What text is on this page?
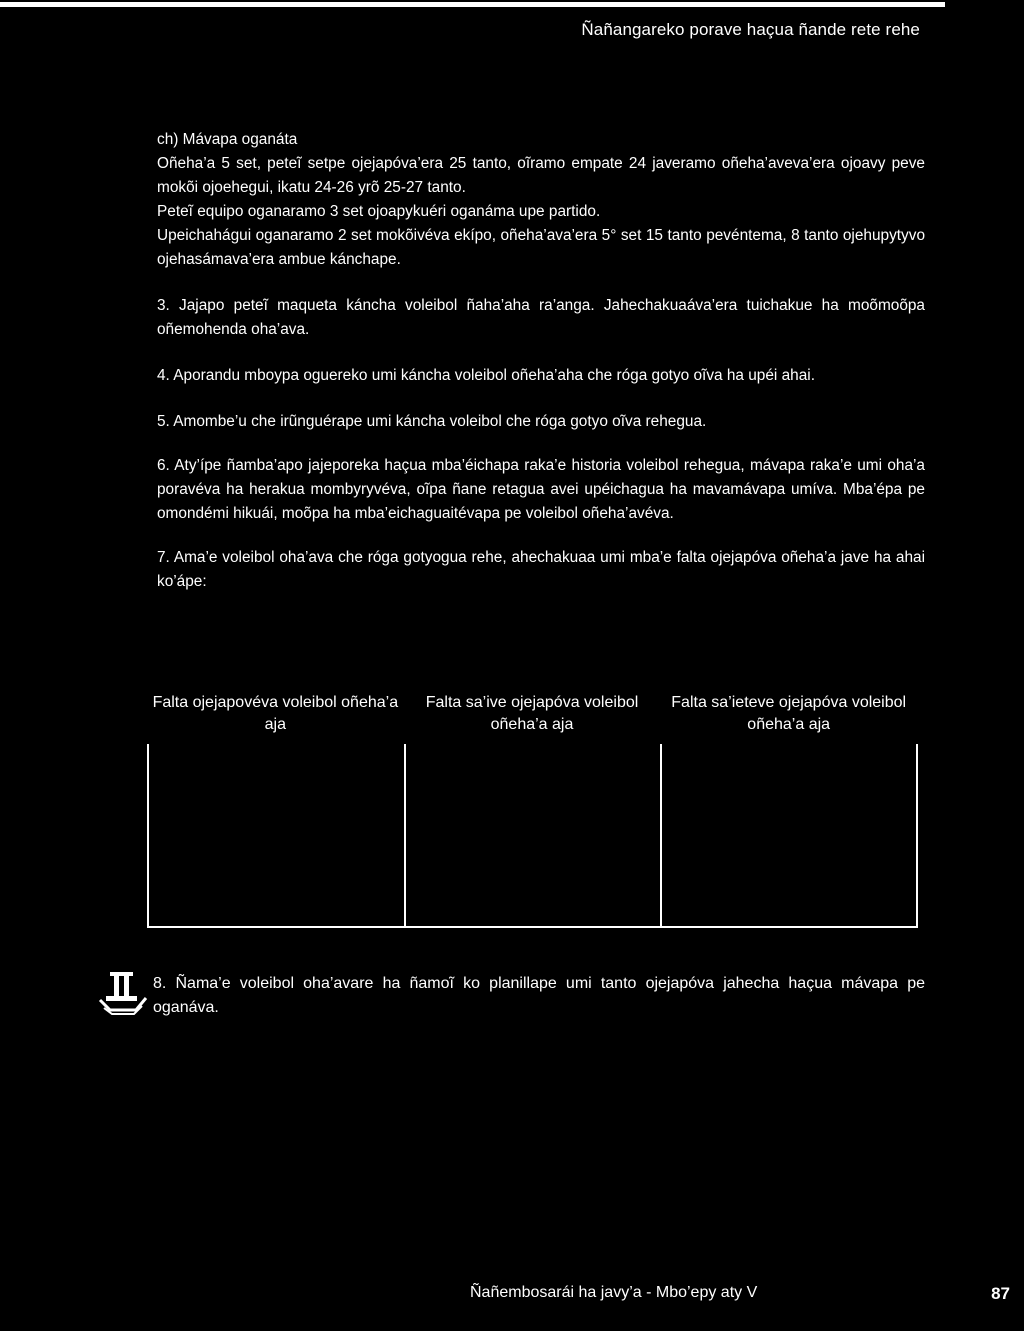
Ñañangareko porave haçua ñande rete rehe

ch) Mávapa oganáta

Oñeha’a 5 set, peteĩ setpe ojejapóva’era 25 tanto, oĩramo empate 24 javeramo oñeha’aveva’era ojoavy peve mokõi ojoehegui, ikatu 24-26 yrõ 25-27 tanto.

Peteĩ equipo oganaramo 3 set ojoapykuéri oganáma upe partido.

Upeichahágui oganaramo 2 set mokõivéva ekípo, oñeha’ava’era 5° set 15 tanto pevéntema, 8 tanto ojehupytyvo ojehasámava’era ambue kánchape.

3. Jajapo peteĩ maqueta káncha voleibol ñaha’aha ra’anga. Jahechakuaáva’era tuichakue ha moõmoõpa oñemohenda oha’ava.

4. Aporandu mboypa oguereko umi káncha voleibol oñeha’aha che róga gotyo oĩva ha upéi ahai.

5. Amombe’u che irũnguérape umi káncha voleibol che róga gotyo oĩva rehegua.

6. Aty’ípe ñamba’apo jajeporeka haçua mba’éichapa raka’e historia voleibol rehegua, mávapa raka’e umi oha’a poravéva ha herakua mombyryvéva, oĩpa ñane retagua avei upéichagua ha mavamávapa umíva. Mba’épa pe omondémi hikuái, moõpa ha mba’eichaguaitévapa pe voleibol oñeha’avéva.

7. Ama’e voleibol oha’ava che róga gotyogua rehe, ahechakuaa umi mba’e falta ojejapóva oñeha’a jave ha ahai ko’ápe:

Falta ojejapovéva voleibol oñeha’a aja
Falta sa’ive ojejapóva voleibol oñeha’a aja
Falta sa’ieteve ojejapóva voleibol oñeha’a aja
8. Ñama’e voleibol oha’avare ha ñamoĩ ko planillape umi tanto ojejapóva jahecha haçua mávapa pe oganáva.
Ñañembosarái ha javy’a - Mbo’epy aty V	87
